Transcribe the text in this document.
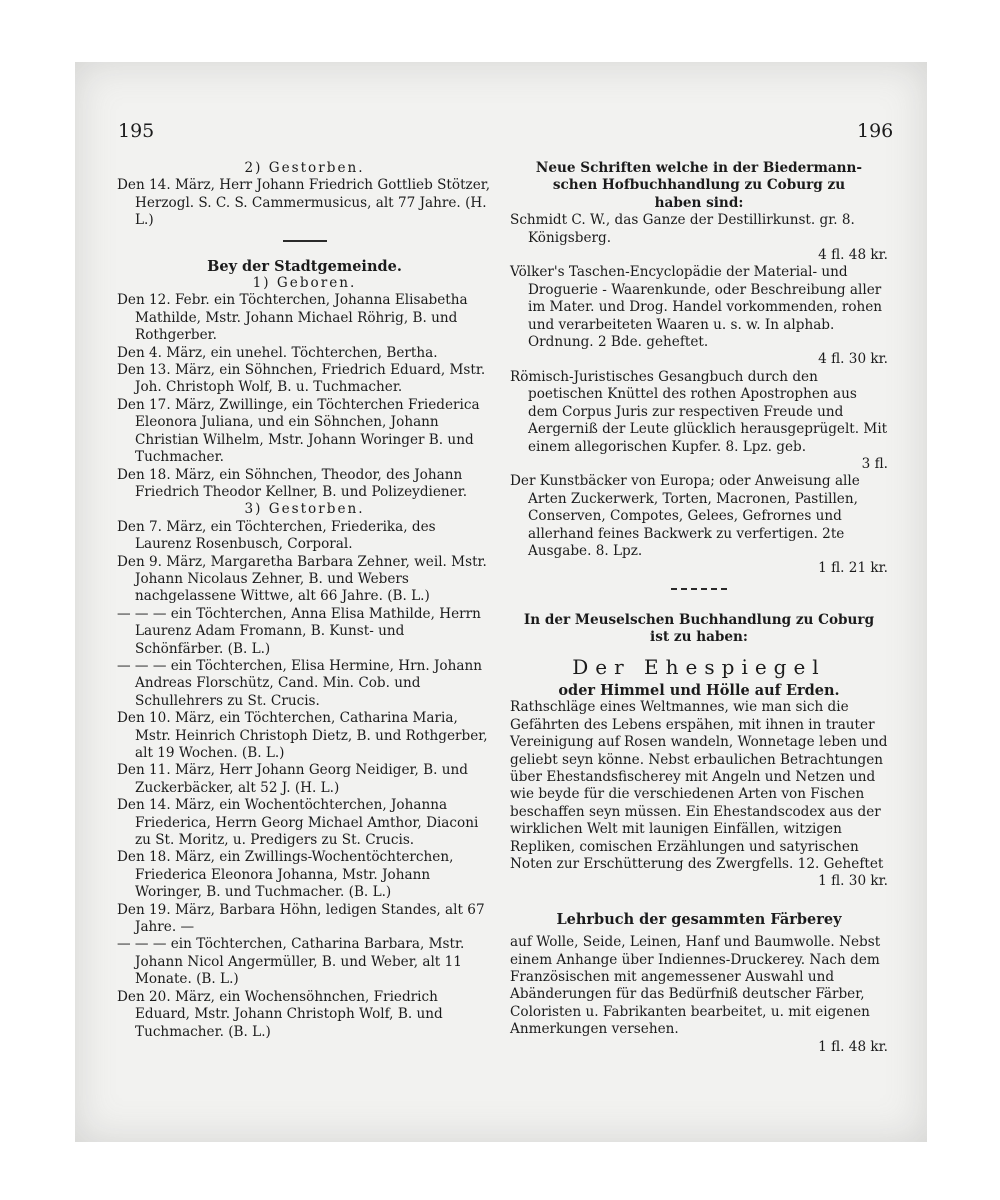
195	196
2) Gestorben.
Den 14. März, Herr Johann Friedrich Gottlieb Stötzer, Herzogl. S. C. S. Cammermusicus, alt 77 Jahre. (H. L.)
Bey der Stadtgemeinde.
1) Geboren.
Den 12. Febr. ein Töchterchen, Johanna Elisabetha Mathilde, Mstr. Johann Michael Röhrig, B. und Rothgerber.
Den 4. März, ein unehel. Töchterchen, Bertha.
Den 13. März, ein Söhnchen, Friedrich Eduard, Mstr. Joh. Christoph Wolf, B. u. Tuchmacher.
Den 17. März, Zwillinge, ein Töchterchen Friederica Eleonora Juliana, und ein Söhnchen, Johann Christian Wilhelm, Mstr. Johann Woringer B. und Tuchmacher.
Den 18. März, ein Söhnchen, Theodor, des Johann Friedrich Theodor Kellner, B. und Polizeydiener.
3) Gestorben.
Den 7. März, ein Töchterchen, Friederika, des Laurenz Rosenbusch, Corporal.
Den 9. März, Margaretha Barbara Zehner, weil. Mstr. Johann Nicolaus Zehner, B. und Webers nachgelassene Wittwe, alt 66 Jahre. (B. L.)
— — — ein Töchterchen, Anna Elisa Mathilde, Herrn Laurenz Adam Fromann, B. Kunst- und Schönfärber. (B. L.)
— — — ein Töchterchen, Elisa Hermine, Hrn. Johann Andreas Florschütz, Cand. Min. Cob. und Schullehrers zu St. Crucis.
Den 10. März, ein Töchterchen, Catharina Maria, Mstr. Heinrich Christoph Dietz, B. und Rothgerber, alt 19 Wochen. (B. L.)
Den 11. März, Herr Johann Georg Neidiger, B. und Zuckerbäcker, alt 52 J. (H. L.)
Den 14. März, ein Wochentöchterchen, Johanna Friederica, Herrn Georg Michael Amthor, Diaconi zu St. Moritz, u. Predigers zu St. Crucis.
Den 18. März, ein Zwillings-Wochentöchterchen, Friederica Eleonora Johanna, Mstr. Johann Woringer, B. und Tuchmacher. (B. L.)
Den 19. März, Barbara Höhn, ledigen Standes, alt 67 Jahre. —
— — — ein Töchterchen, Catharina Barbara, Mstr. Johann Nicol Angermüller, B. und Weber, alt 11 Monate. (B. L.)
Den 20. März, ein Wochensöhnchen, Friedrich Eduard, Mstr. Johann Christoph Wolf, B. und Tuchmacher. (B. L.)
Neue Schriften welche in der Biedermann-
schen Hofbuchhandlung zu Coburg zu
haben sind:
Schmidt C. W., das Ganze der Destillirkunst. gr. 8. Königsberg.
4 fl. 48 kr.
Völker's Taschen-Encyclopädie der Material- und Droguerie - Waarenkunde, oder Beschreibung aller im Mater. und Drog. Handel vorkommenden, rohen und verarbeiteten Waaren u. s. w. In alphab. Ordnung. 2 Bde. geheftet.
4 fl. 30 kr.
Römisch-Juristisches Gesangbuch durch den poetischen Knüttel des rothen Apostrophen aus dem Corpus Juris zur respectiven Freude und Aergerniß der Leute glücklich herausgeprügelt. Mit einem allegorischen Kupfer. 8. Lpz. geb.
3 fl.
Der Kunstbäcker von Europa; oder Anweisung alle Arten Zuckerwerk, Torten, Macronen, Pastillen, Conserven, Compotes, Gelees, Gefrornes und allerhand feines Backwerk zu verfertigen. 2te Ausgabe. 8. Lpz.
1 fl. 21 kr.
In der Meuselschen Buchhandlung zu Coburg
ist zu haben:
Der Ehespiegel
oder Himmel und Hölle auf Erden.
Rathschläge eines Weltmannes, wie man sich die Gefährten des Lebens erspähen, mit ihnen in trauter Vereinigung auf Rosen wandeln, Wonnetage leben und geliebt seyn könne. Nebst erbaulichen Betrachtungen über Ehestandsfischerey mit Angeln und Netzen und wie beyde für die verschiedenen Arten von Fischen beschaffen seyn müssen. Ein Ehestandscodex aus der wirklichen Welt mit launigen Einfällen, witzigen Repliken, comischen Erzählungen und satyrischen Noten zur Erschütterung des Zwergfells. 12. Geheftet
1 fl. 30 kr.
Lehrbuch der gesammten Färberey
auf Wolle, Seide, Leinen, Hanf und Baumwolle. Nebst einem Anhange über Indiennes-Druckerey. Nach dem Französischen mit angemessener Auswahl und Abänderungen für das Bedürfniß deutscher Färber, Coloristen u. Fabrikanten bearbeitet, u. mit eigenen Anmerkungen versehen.
1 fl. 48 kr.
